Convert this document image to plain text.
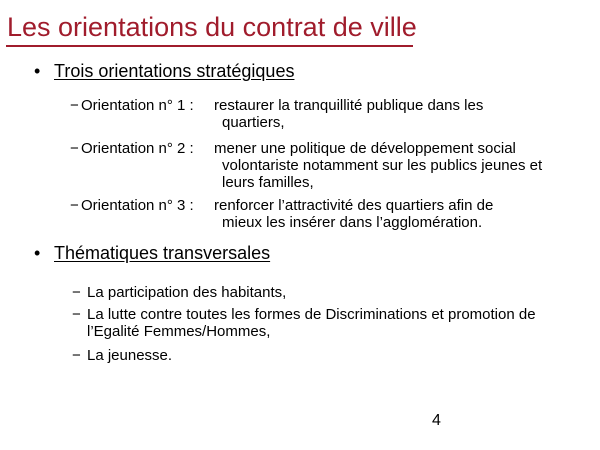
Les orientations du contrat de ville
• Trois orientations stratégiques
− Orientation n° 1 : restaurer la tranquillité publique dans les quartiers,
− Orientation n° 2 : mener une politique de développement social volontariste notamment sur les publics jeunes et leurs familles,
− Orientation n° 3 : renforcer l’attractivité des quartiers afin de mieux les insérer dans l’agglomération.
• Thématiques transversales
− La participation des habitants,
− La lutte contre toutes les formes de Discriminations et promotion de l’Egalité Femmes/Hommes,
− La jeunesse.
4
